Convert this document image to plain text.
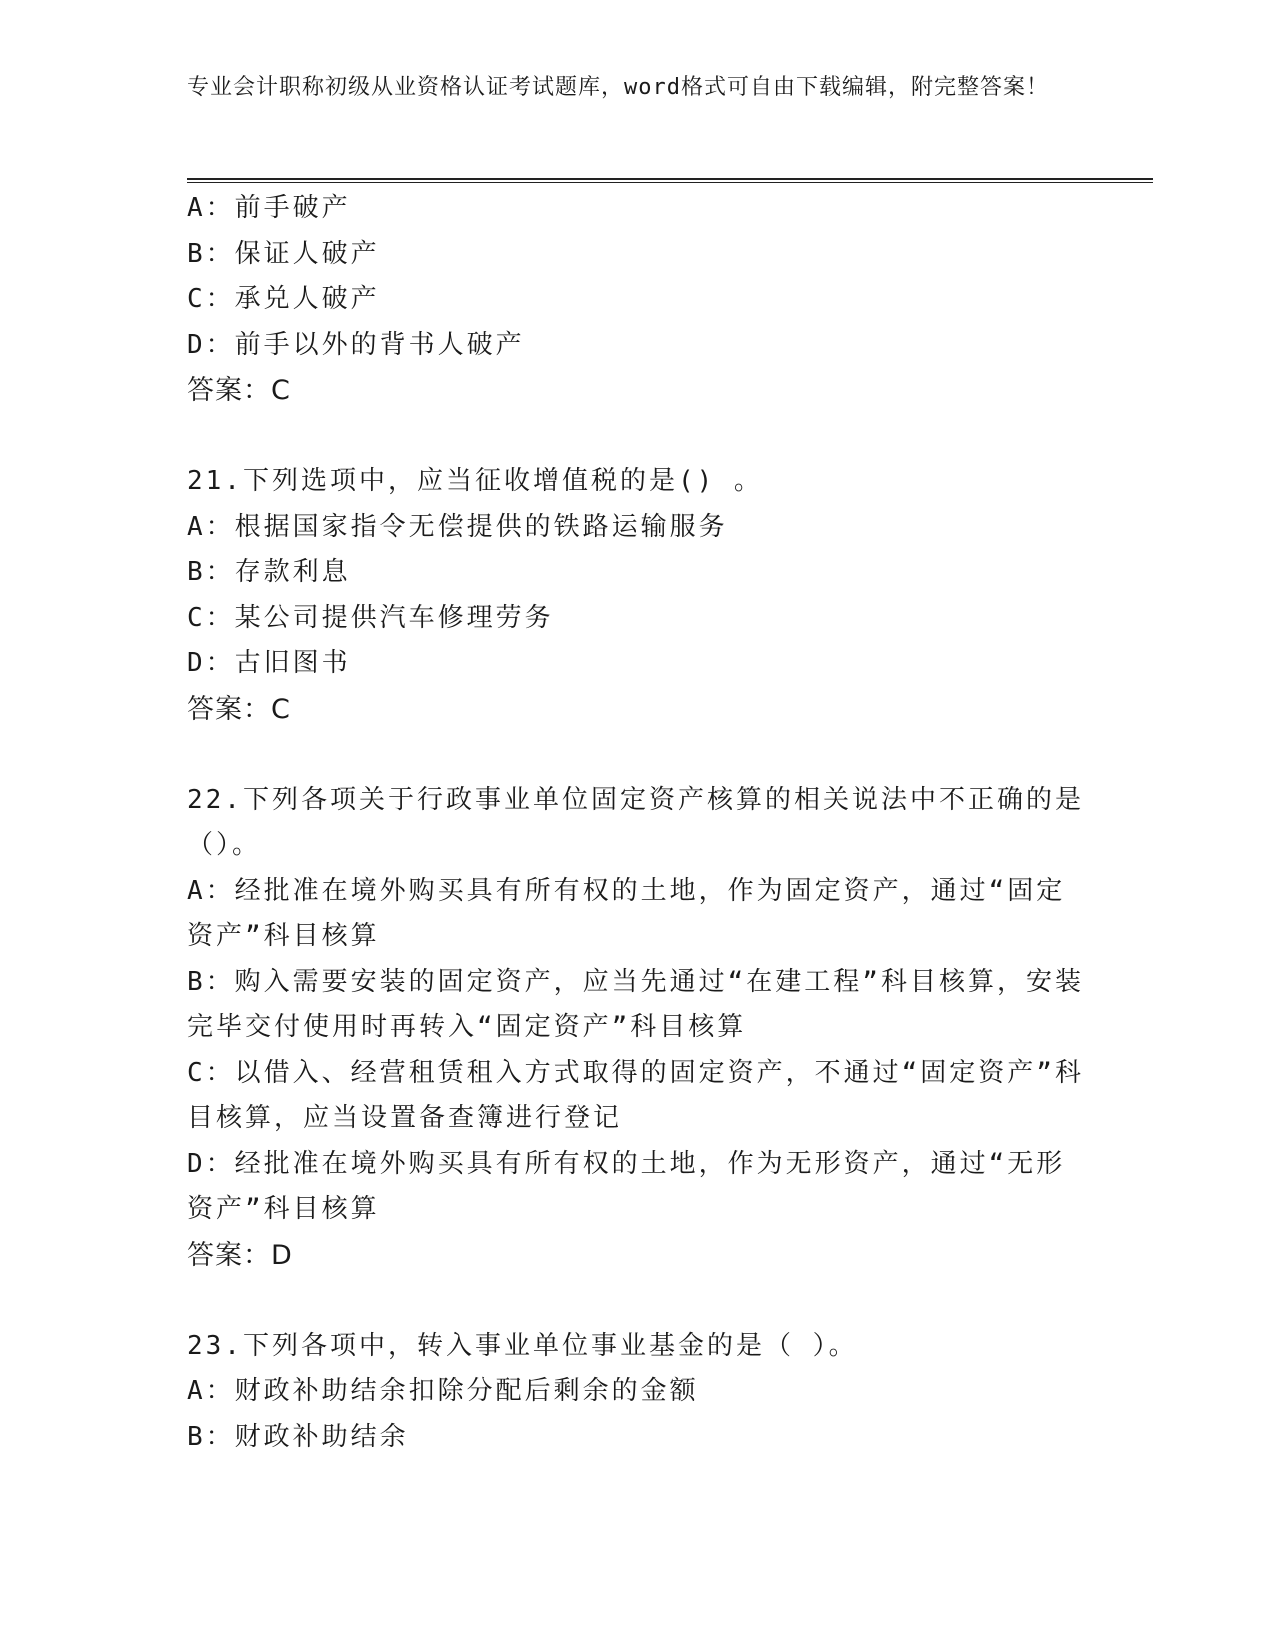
专业会计职称初级从业资格认证考试题库，word格式可自由下载编辑，附完整答案！

A：前手破产

B：保证人破产

C：承兑人破产

D：前手以外的背书人破产

答案：C

21.下列选项中，应当征收增值税的是() 。

A：根据国家指令无偿提供的铁路运输服务

B：存款利息

C：某公司提供汽车修理劳务

D：古旧图书

答案：C

22.下列各项关于行政事业单位固定资产核算的相关说法中不正确的是（）。

A：经批准在境外购买具有所有权的土地，作为固定资产，通过“固定资产”科目核算

B：购入需要安装的固定资产，应当先通过“在建工程”科目核算，安装完毕交付使用时再转入“固定资产”科目核算

C：以借入、经营租赁租入方式取得的固定资产，不通过“固定资产”科目核算，应当设置备查簿进行登记

D：经批准在境外购买具有所有权的土地，作为无形资产，通过“无形资产”科目核算

答案：D

23.下列各项中，转入事业单位事业基金的是（ ）。

A：财政补助结余扣除分配后剩余的金额

B：财政补助结余
